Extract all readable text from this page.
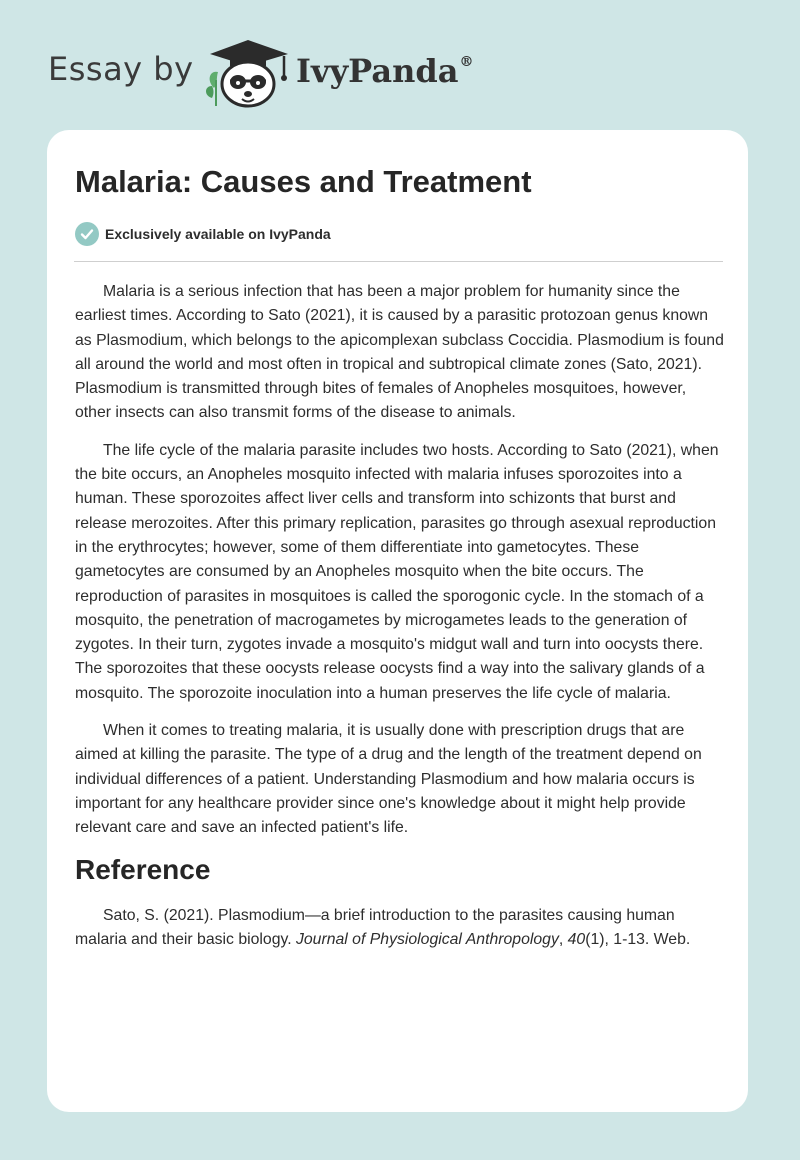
Essay by	IvyPanda®
Malaria: Causes and Treatment
Exclusively available on IvyPanda

Malaria is a serious infection that has been a major problem for humanity since the earliest times. According to Sato (2021), it is caused by a parasitic protozoan genus known as Plasmodium, which belongs to the apicomplexan subclass Coccidia. Plasmodium is found all around the world and most often in tropical and subtropical climate zones (Sato, 2021). Plasmodium is transmitted through bites of females of Anopheles mosquitoes, however, other insects can also transmit forms of the disease to animals.

The life cycle of the malaria parasite includes two hosts. According to Sato (2021), when the bite occurs, an Anopheles mosquito infected with malaria infuses sporozoites into a human. These sporozoites affect liver cells and transform into schizonts that burst and release merozoites. After this primary replication, parasites go through asexual reproduction in the erythrocytes; however, some of them differentiate into gametocytes. These gametocytes are consumed by an Anopheles mosquito when the bite occurs. The reproduction of parasites in mosquitoes is called the sporogonic cycle. In the stomach of a mosquito, the penetration of macrogametes by microgametes leads to the generation of zygotes. In their turn, zygotes invade a mosquito's midgut wall and turn into oocysts there. The sporozoites that these oocysts release oocysts find a way into the salivary glands of a mosquito. The sporozoite inoculation into a human preserves the life cycle of malaria.

When it comes to treating malaria, it is usually done with prescription drugs that are aimed at killing the parasite. The type of a drug and the length of the treatment depend on individual differences of a patient. Understanding Plasmodium and how malaria occurs is important for any healthcare provider since one's knowledge about it might help provide relevant care and save an infected patient's life.

Reference

Sato, S. (2021). Plasmodium—a brief introduction to the parasites causing human malaria and their basic biology. Journal of Physiological Anthropology, 40(1), 1-13. Web.
